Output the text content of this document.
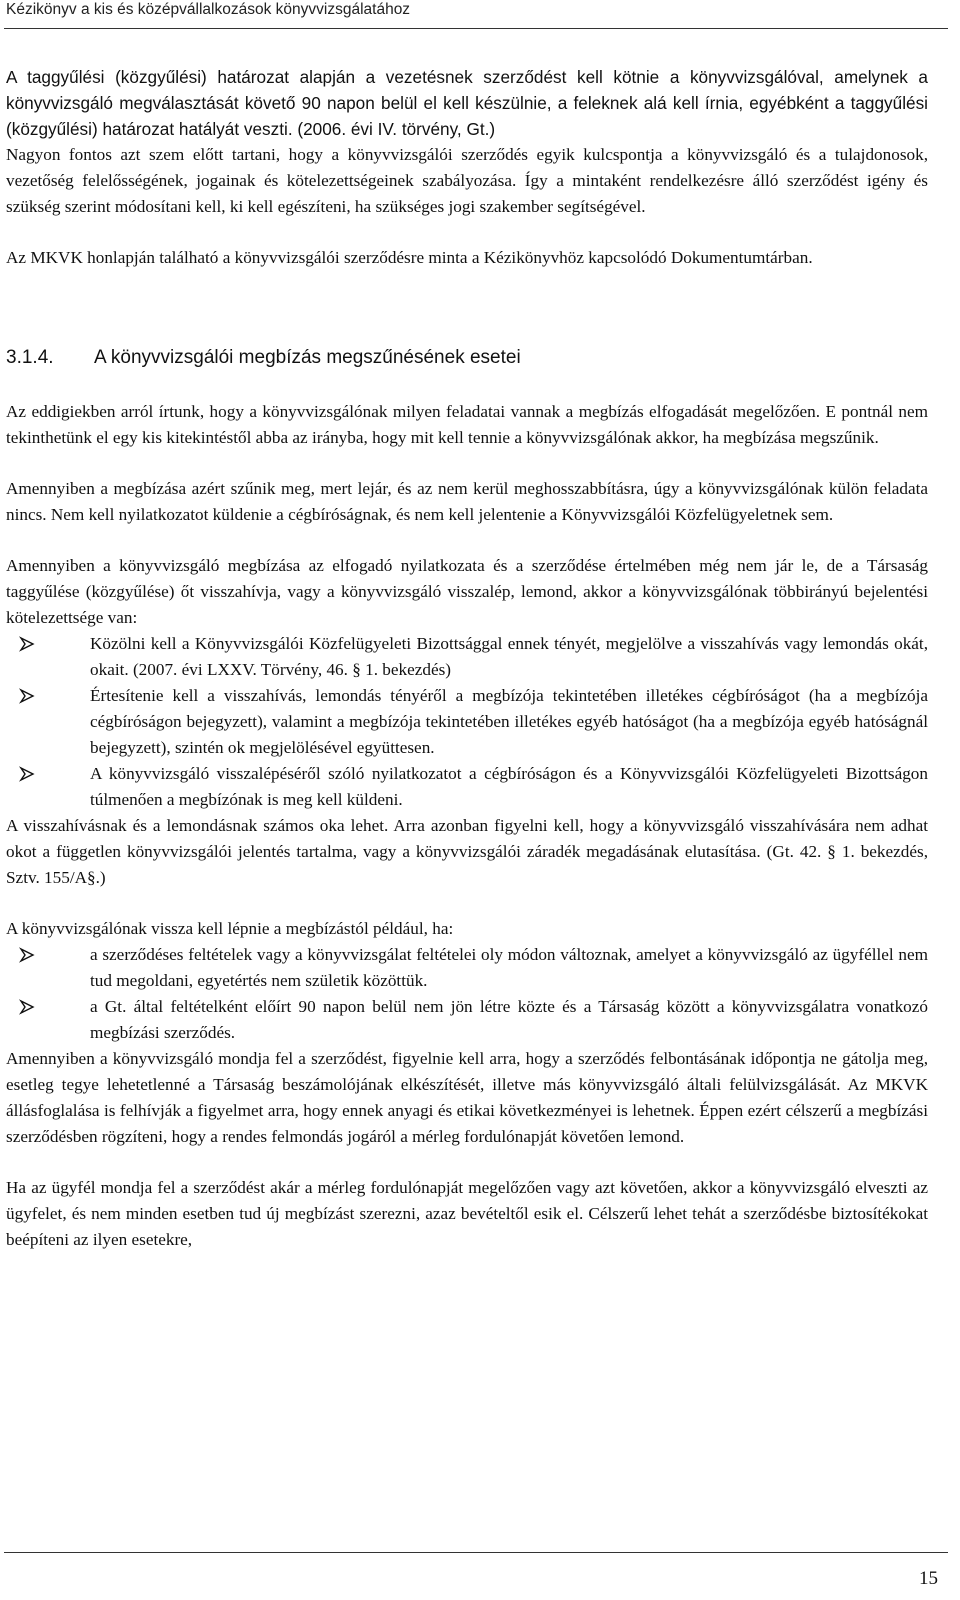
Kézikönyv a kis és középvállalkozások könyvvizsgálatához

A taggyűlési (közgyűlési) határozat alapján a vezetésnek szerződést kell kötnie a könyvvizsgálóval, amelynek a könyvvizsgáló megválasztását követő 90 napon belül el kell készülnie, a feleknek alá kell írnia, egyébként a taggyűlési (közgyűlési) határozat hatályát veszti. (2006. évi IV. törvény, Gt.)

Nagyon fontos azt szem előtt tartani, hogy a könyvvizsgálói szerződés egyik kulcspontja a könyvvizsgáló és a tulajdonosok, vezetőség felelősségének, jogainak és kötelezettségeinek szabályozása. Így a mintaként rendelkezésre álló szerződést igény és szükség szerint módosítani kell, ki kell egészíteni, ha szükséges jogi szakember segítségével.

Az MKVK honlapján található a könyvvizsgálói szerződésre minta a Kézikönyvhöz kapcsolódó Dokumentumtárban.

3.1.4. A könyvvizsgálói megbízás megszűnésének esetei

Az eddigiekben arról írtunk, hogy a könyvvizsgálónak milyen feladatai vannak a megbízás elfogadását megelőzően. E pontnál nem tekinthetünk el egy kis kitekintéstől abba az irányba, hogy mit kell tennie a könyvvizsgálónak akkor, ha megbízása megszűnik.

Amennyiben a megbízása azért szűnik meg, mert lejár, és az nem kerül meghosszabbításra, úgy a könyvvizsgálónak külön feladata nincs. Nem kell nyilatkozatot küldenie a cégbíróságnak, és nem kell jelentenie a Könyvvizsgálói Közfelügyeletnek sem.

Amennyiben a könyvvizsgáló megbízása az elfogadó nyilatkozata és a szerződése értelmében még nem jár le, de a Társaság taggyűlése (közgyűlése) őt visszahívja, vagy a könyvvizsgáló visszalép, lemond, akkor a könyvvizsgálónak többirányú bejelentési kötelezettsége van:

Közölni kell a Könyvvizsgálói Közfelügyeleti Bizottsággal ennek tényét, megjelölve a visszahívás vagy lemondás okát, okait. (2007. évi LXXV. Törvény, 46. § 1. bekezdés)
Értesítenie kell a visszahívás, lemondás tényéről a megbízója tekintetében illetékes cégbíróságot (ha a megbízója cégbíróságon bejegyzett), valamint a megbízója tekintetében illetékes egyéb hatóságot (ha a megbízója egyéb hatóságnál bejegyzett), szintén ok megjelölésével együttesen.
A könyvvizsgáló visszalépéséről szóló nyilatkozatot a cégbíróságon és a Könyvvizsgálói Közfelügyeleti Bizottságon túlmenően a megbízónak is meg kell küldeni.

A visszahívásnak és a lemondásnak számos oka lehet. Arra azonban figyelni kell, hogy a könyvvizsgáló visszahívására nem adhat okot a független könyvvizsgálói jelentés tartalma, vagy a könyvvizsgálói záradék megadásának elutasítása. (Gt. 42. § 1. bekezdés, Sztv. 155/A§.)

A könyvvizsgálónak vissza kell lépnie a megbízástól például, ha:

a szerződéses feltételek vagy a könyvvizsgálat feltételei oly módon változnak, amelyet a könyvvizsgáló az ügyféllel nem tud megoldani, egyetértés nem születik közöttük.
a Gt. által feltételként előírt 90 napon belül nem jön létre közte és a Társaság között a könyvvizsgálatra vonatkozó megbízási szerződés.

Amennyiben a könyvvizsgáló mondja fel a szerződést, figyelnie kell arra, hogy a szerződés felbontásának időpontja ne gátolja meg, esetleg tegye lehetetlenné a Társaság beszámolójának elkészítését, illetve más könyvvizsgáló általi felülvizsgálását. Az MKVK állásfoglalása is felhívják a figyelmet arra, hogy ennek anyagi és etikai következményei is lehetnek. Éppen ezért célszerű a megbízási szerződésben rögzíteni, hogy a rendes felmondás jogáról a mérleg fordulónapját követően lemond.

Ha az ügyfél mondja fel a szerződést akár a mérleg fordulónapját megelőzően vagy azt követően, akkor a könyvvizsgáló elveszti az ügyfelet, és nem minden esetben tud új megbízást szerezni, azaz bevételtől esik el. Célszerű lehet tehát a szerződésbe biztosítékokat beépíteni az ilyen esetekre,

15
